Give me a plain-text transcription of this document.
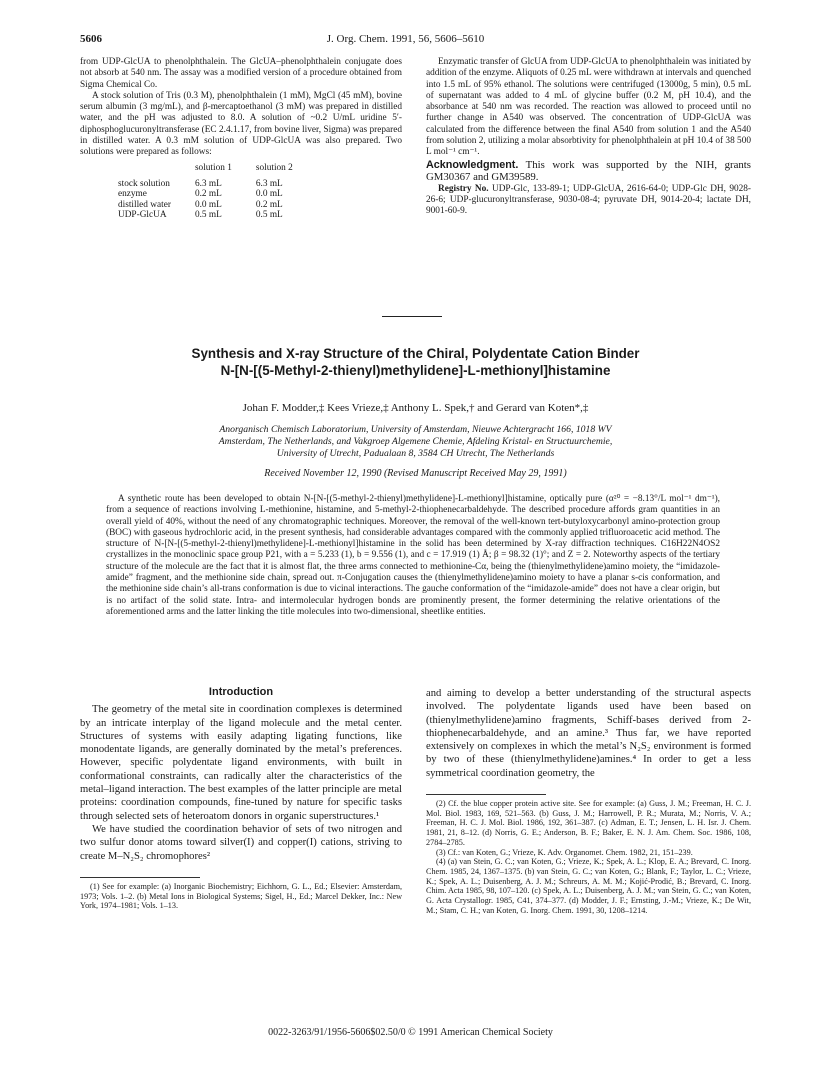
5606	J. Org. Chem. 1991, 56, 5606–5610

from UDP-GlcUA to phenolphthalein. The GlcUA–phenolphthalein conjugate does not absorb at 540 nm. The assay was a modified version of a procedure obtained from Sigma Chemical Co.

A stock solution of Tris (0.3 M), phenolphthalein (1 mM), MgCl (45 mM), bovine serum albumin (3 mg/mL), and β-mercaptoethanol (3 mM) was prepared in distilled water, and the pH was adjusted to 8.0. A solution of ~0.2 U/mL uridine 5′-diphosphoglucuronyltransferase (EC 2.4.1.17, from bovine liver, Sigma) was prepared in distilled water. A 0.3 mM solution of UDP-GlcUA was also prepared. Two solutions were prepared as follows:

	solution 1	solution 2
stock solution	6.3 mL	6.3 mL
enzyme	0.2 mL	0.0 mL
distilled water	0.0 mL	0.2 mL
UDP-GlcUA	0.5 mL	0.5 mL

Enzymatic transfer of GlcUA from UDP-GlcUA to phenolphthalein was initiated by addition of the enzyme. Aliquots of 0.25 mL were withdrawn at intervals and quenched into 1.5 mL of 95% ethanol. The solutions were centrifuged (13000g, 5 min), 0.5 mL of supernatant was added to 4 mL of glycine buffer (0.2 M, pH 10.4), and the absorbance at 540 nm was recorded. The reaction was allowed to proceed until no further change in A540 was observed. The concentration of UDP-GlcUA was calculated from the difference between the final A540 from solution 1 and the A540 from solution 2, utilizing a molar absorbtivity for phenolphthalein at pH 10.4 of 38 500 L mol⁻¹ cm⁻¹.

Acknowledgment. This work was supported by the NIH, grants GM30367 and GM39589.

Registry No. UDP-Glc, 133-89-1; UDP-GlcUA, 2616-64-0; UDP-Glc DH, 9028-26-6; UDP-glucuronyltransferase, 9030-08-4; pyruvate DH, 9014-20-4; lactate DH, 9001-60-9.

Synthesis and X-ray Structure of the Chiral, Polydentate Cation Binder
N-[N-[(5-Methyl-2-thienyl)methylidene]-L-methionyl]histamine
Johan F. Modder,‡ Kees Vrieze,‡ Anthony L. Spek,† and Gerard van Koten*,‡
Anorganisch Chemisch Laboratorium, University of Amsterdam, Nieuwe Achtergracht 166, 1018 WV
Amsterdam, The Netherlands, and Vakgroep Algemene Chemie, Afdeling Kristal- en Structuurchemie,
University of Utrecht, Padualaan 8, 3584 CH Utrecht, The Netherlands
Received November 12, 1990 (Revised Manuscript Received May 29, 1991)
A synthetic route has been developed to obtain N-[N-[(5-methyl-2-thienyl)methylidene]-L-methionyl]histamine, optically pure (α²⁰ = −8.13°/L mol⁻¹ dm⁻¹), from a sequence of reactions involving L-methionine, histamine, and 5-methyl-2-thiophenecarbaldehyde. The described procedure affords gram quantities in an overall yield of 40%, without the need of any chromatographic techniques. Moreover, the removal of the well-known tert-butyloxycarbonyl amino-protection group (BOC) with gaseous hydrochloric acid, in the present synthesis, had considerable advantages compared with the commonly applied trifluoroacetic acid method. The structure of N-[N-[(5-methyl-2-thienyl)methylidene]-L-methionyl]histamine in the solid has been determined by X-ray diffraction techniques. C16H22N4OS2 crystallizes in the monoclinic space group P21, with a = 5.233 (1), b = 9.556 (1), and c = 17.919 (1) Å; β = 98.32 (1)°; and Z = 2. Noteworthy aspects of the tertiary structure of the molecule are the fact that it is almost flat, the three arms connected to methionine-Cα, being the (thienylmethylidene)amino moiety, the “imidazole-amide” fragment, and the methionine side chain, spread out. π-Conjugation causes the (thienylmethylidene)amino moiety to have a planar s-cis conformation, and the methionine side chain’s all-trans conformation is due to vicinal interactions. The gauche conformation of the “imidazole-amide” does not have a clear origin, but is no artifact of the solid state. Intra- and intermolecular hydrogen bonds are prominently present, the former determining the relative orientations of the aforementioned arms and the latter linking the title molecules into two-dimensional, sheetlike entities.
Introduction

The geometry of the metal site in coordination complexes is determined by an intricate interplay of the ligand molecule and the metal center. Structures of systems with easily adapting ligating functions, like monodentate ligands, are generally dominated by the metal’s preferences. However, specific polydentate ligand environments, with built in conformational constraints, can radically alter the characteristics of the metal–ligand interaction. The best examples of the latter principle are metal proteins: coordination compounds, fine-tuned by nature for specific tasks through selected sets of heteroatom donors in organic superstructures.¹

We have studied the coordination behavior of sets of two nitrogen and two sulfur donor atoms toward silver(I) and copper(I) cations, striving to create M–N₂S₂ chromophores²

(1) See for example: (a) Inorganic Biochemistry; Eichhorn, G. L., Ed.; Elsevier: Amsterdam, 1973; Vols. 1–2. (b) Metal Ions in Biological Systems; Sigel, H., Ed.; Marcel Dekker, Inc.: New York, 1974–1981; Vols. 1–13.

and aiming to develop a better understanding of the structural aspects involved. The polydentate ligands used have been based on (thienylmethylidene)amino fragments, Schiff-bases derived from 2-thiophenecarbaldehyde, and an amine.³ Thus far, we have reported extensively on complexes in which the metal’s N₂S₂ environment is formed by two of these (thienylmethylidene)amines.⁴ In order to get a less symmetrical coordination geometry, the

(2) Cf. the blue copper protein active site. See for example: (a) Guss, J. M.; Freeman, H. C. J. Mol. Biol. 1983, 169, 521–563. (b) Guss, J. M.; Harrowell, P. R.; Murata, M.; Norris, V. A.; Freeman, H. C. J. Mol. Biol. 1986, 192, 361–387. (c) Adman, E. T.; Jensen, L. H. Isr. J. Chem. 1981, 21, 8–12. (d) Norris, G. E.; Anderson, B. F.; Baker, E. N. J. Am. Chem. Soc. 1986, 108, 2784–2785.

(3) Cf.: van Koten, G.; Vrieze, K. Adv. Organomet. Chem. 1982, 21, 151–239.

(4) (a) van Stein, G. C.; van Koten, G.; Vrieze, K.; Spek, A. L.; Klop, E. A.; Brevard, C. Inorg. Chem. 1985, 24, 1367–1375. (b) van Stein, G. C.; van Koten, G.; Blank, F.; Taylor, L. C.; Vrieze, K.; Spek, A. L.; Duisenberg, A. J. M.; Schreurs, A. M. M.; Kojić-Prodić, B.; Brevard, C. Inorg. Chim. Acta 1985, 98, 107–120. (c) Spek, A. L.; Duisenberg, A. J. M.; van Stein, G. C.; van Koten, G. Acta Crystallogr. 1985, C41, 374–377. (d) Modder, J. F.; Ernsting, J.-M.; Vrieze, K.; De Wit, M.; Stam, C. H.; van Koten, G. Inorg. Chem. 1991, 30, 1208–1214.

0022-3263/91/1956-5606$02.50/0 © 1991 American Chemical Society
